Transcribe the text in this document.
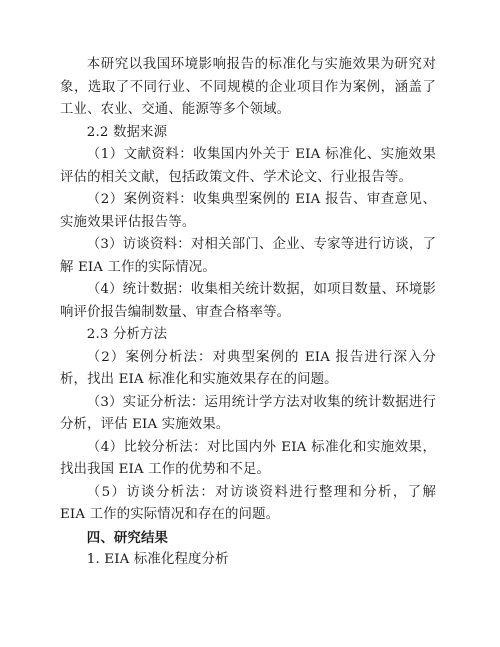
本研究以我国环境影响报告的标准化与实施效果为研究对象，选取了不同行业、不同规模的企业项目作为案例，涵盖了工业、农业、交通、能源等多个领域。

2.2 数据来源

（1）文献资料：收集国内外关于 EIA 标准化、实施效果评估的相关文献，包括政策文件、学术论文、行业报告等。

（2）案例资料：收集典型案例的 EIA 报告、审查意见、实施效果评估报告等。

（3）访谈资料：对相关部门、企业、专家等进行访谈，了解 EIA 工作的实际情况。

（4）统计数据：收集相关统计数据，如项目数量、环境影响评价报告编制数量、审查合格率等。

2.3 分析方法

（2）案例分析法：对典型案例的 EIA 报告进行深入分析，找出 EIA 标准化和实施效果存在的问题。

（3）实证分析法：运用统计学方法对收集的统计数据进行分析，评估 EIA 实施效果。

（4）比较分析法：对比国内外 EIA 标准化和实施效果，找出我国 EIA 工作的优势和不足。

（5）访谈分析法：对访谈资料进行整理和分析，了解 EIA 工作的实际情况和存在的问题。

四、研究结果

1. EIA 标准化程度分析
